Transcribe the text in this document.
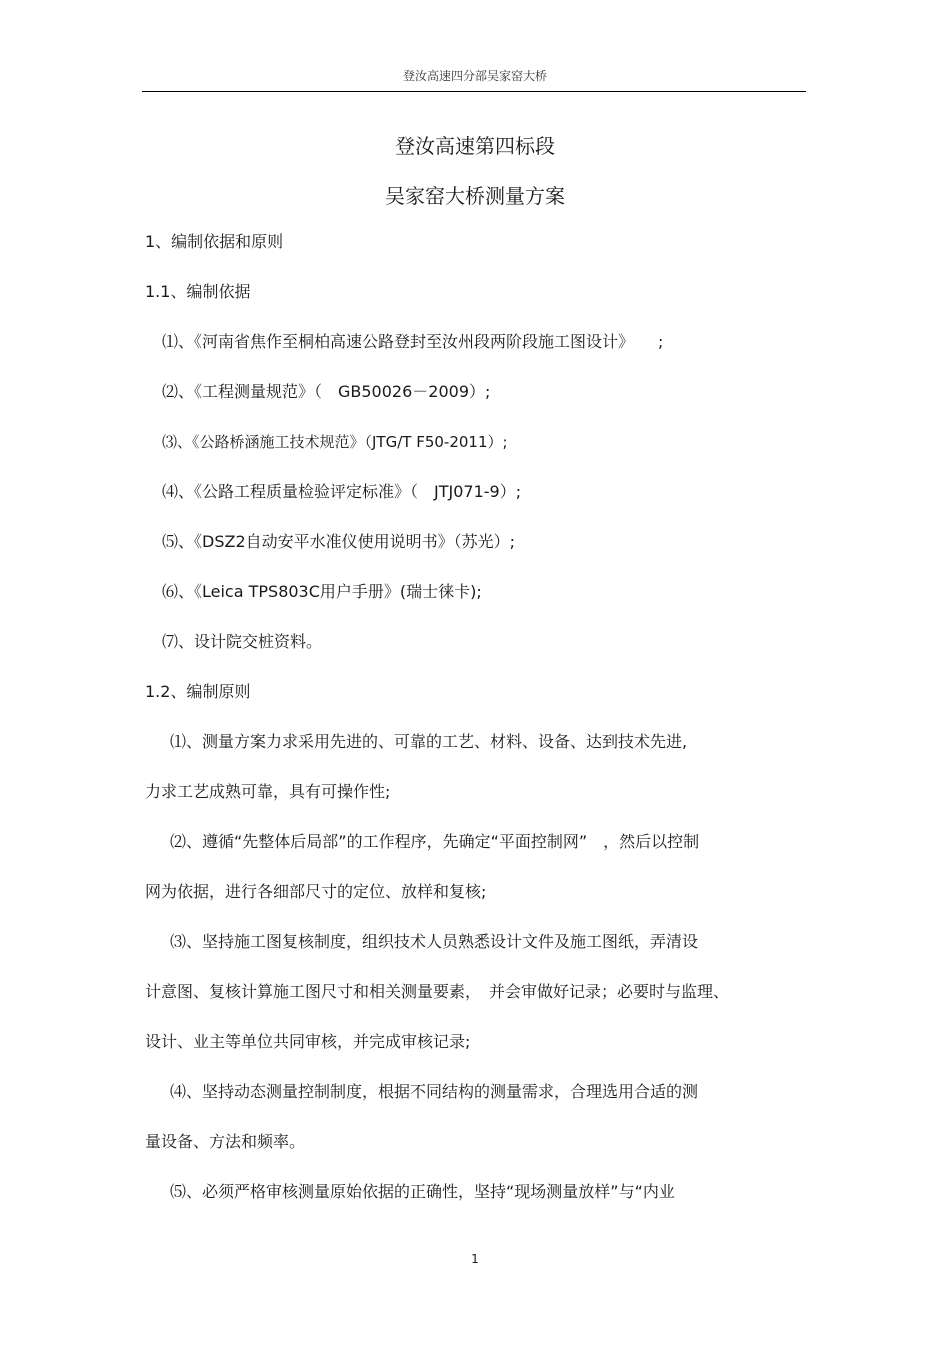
登汝高速四分部吴家窑大桥
登汝高速第四标段
吴家窑大桥测量方案
1、编制依据和原则
1.1、编制依据
⑴、《河南省焦作至桐柏高速公路登封至汝州段两阶段施工图设计》　　;
⑵、《工程测量规范》（　GB50026－2009）;
⑶、《公路桥涵施工技术规范》（JTG/T F50-2011）;
⑷、《公路工程质量检验评定标准》（　JTJ071-9）;
⑸、《DSZ2自动安平水准仪使用说明书》（苏光）;
⑹、《Leica TPS803C用户手册》(瑞士徕卡);
⑺、设计院交桩资料。
1.2、编制原则
⑴、测量方案力求采用先进的、可靠的工艺、材料、设备、达到技术先进,
力求工艺成熟可靠，具有可操作性;
⑵、遵循“先整体后局部”的工作程序，先确定“平面控制网”　，然后以控制
网为依据，进行各细部尺寸的定位、放样和复核;
⑶、坚持施工图复核制度，组织技术人员熟悉设计文件及施工图纸，弄清设
计意图、复核计算施工图尺寸和相关测量要素，　并会审做好记录；必要时与监理、
设计、业主等单位共同审核，并完成审核记录;
⑷、坚持动态测量控制制度，根据不同结构的测量需求，合理选用合适的测
量设备、方法和频率。
⑸、必须严格审核测量原始依据的正确性，坚持“现场测量放样”与“内业
1
